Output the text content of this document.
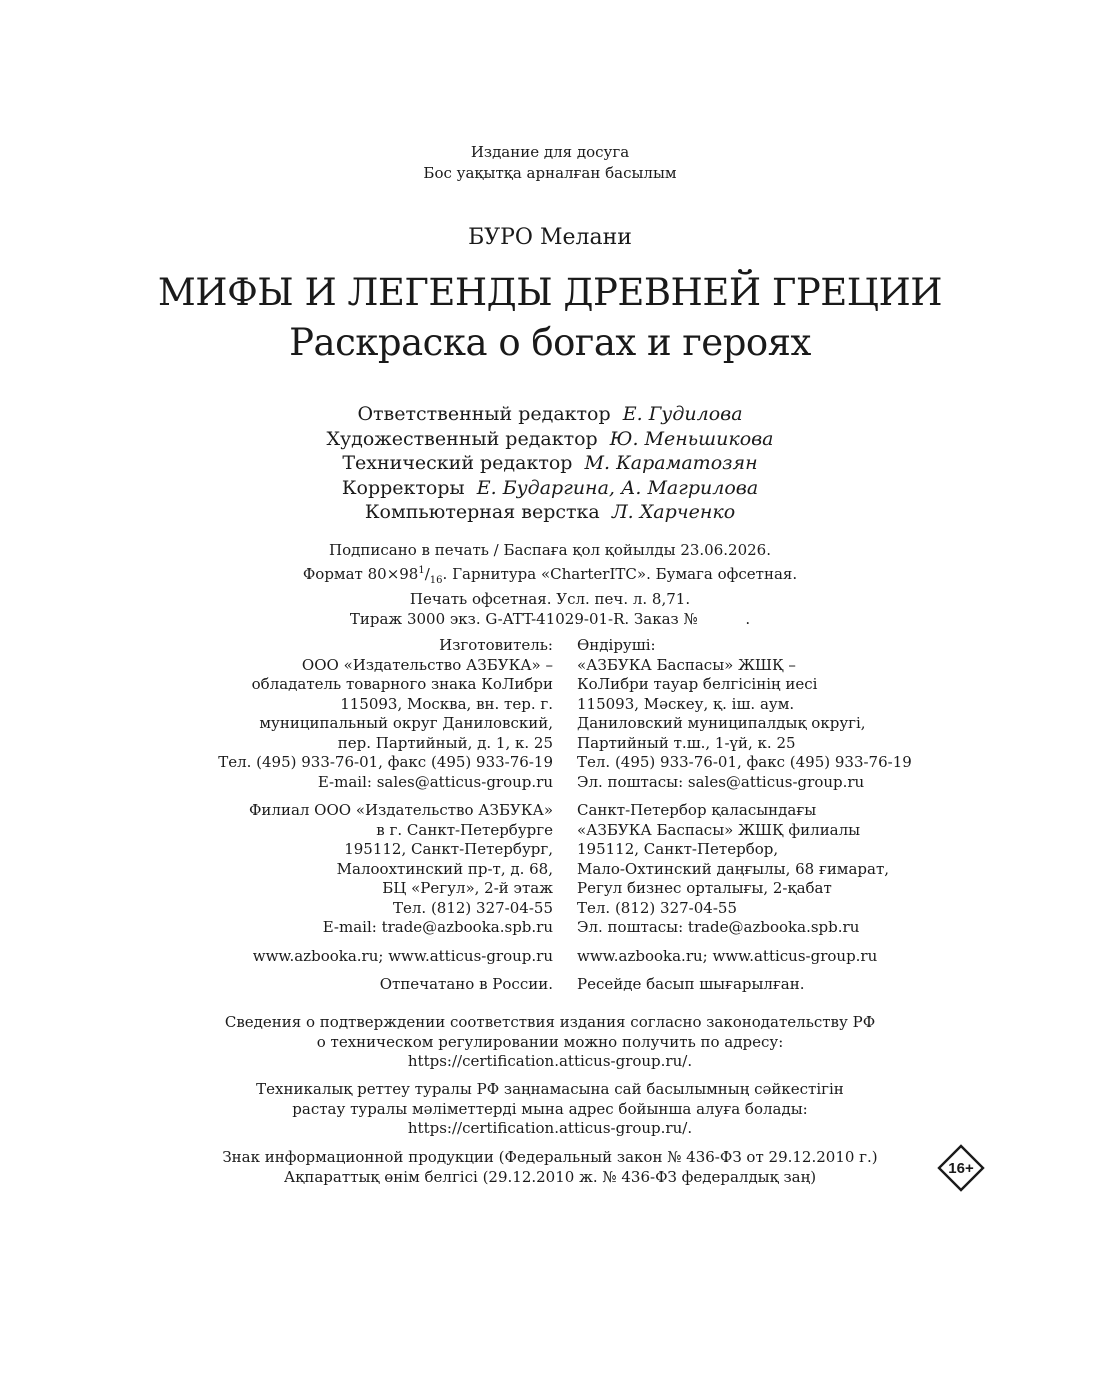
Издание для досуга
Бос уақытқа арналған басылым
БУРО Мелани
МИФЫ И ЛЕГЕНДЫ ДРЕВНЕЙ ГРЕЦИИ
Раскраска о богах и героях
Ответственный редактор Е. Гудилова
Художественный редактор Ю. Меньшикова
Технический редактор М. Караматозян
Корректоры Е. Бударгина, А. Магрилова
Компьютерная верстка Л. Харченко
Подписано в печать / Баспаға қол қойылды 23.06.2026.
Формат $80\times 98^1/_{16}$. Гарнитура «CharterITC». Бумага офсетная.
Печать офсетная. Усл. печ. л. 8,71.
Тираж 3000 экз. G-ATT-41029-01-R. Заказ №          .
Изготовитель:
ООО «Издательство АЗБУКА» –
обладатель товарного знака КоЛибри
115093, Москва, вн. тер. г.
муниципальный округ Даниловский,
пер. Партийный, д. 1, к. 25
Тел. (495) 933-76-01, факс (495) 933-76-19
E-mail: sales@atticus-group.ru
Филиал ООО «Издательство АЗБУКА»
в г. Санкт-Петербурге
195112, Санкт-Петербург,
Малоохтинский пр-т, д. 68,
БЦ «Регул», 2-й этаж
Тел. (812) 327-04-55
E-mail: trade@azbooka.spb.ru
www.azbooka.ru; www.atticus-group.ru
Отпечатано в России.
Өндіруші:
«АЗБУКА Баспасы» ЖШҚ –
КоЛибри тауар белгісінің иесі
115093, Мәскеу, қ. іш. аум.
Даниловский муниципалдық округі,
Партийный т.ш., 1-үй, к. 25
Тел. (495) 933-76-01, факс (495) 933-76-19
Эл. поштасы: sales@atticus-group.ru
Санкт-Петербор қаласындағы
«АЗБУКА Баспасы» ЖШҚ филиалы
195112, Санкт-Петербор,
Мало-Охтинский даңғылы, 68 ғимарат,
Регул бизнес орталығы, 2-қабат
Тел. (812) 327-04-55
Эл. поштасы: trade@azbooka.spb.ru
www.azbooka.ru; www.atticus-group.ru
Ресейде басып шығарылған.
Сведения о подтверждении соответствия издания согласно законодательству РФ
о техническом регулировании можно получить по адресу:
https://certification.atticus-group.ru/.
Техникалық реттеу туралы РФ заңнамасына сай басылымның сәйкестігін
растау туралы мәліметтерді мына адрес бойынша алуға болады:
https://certification.atticus-group.ru/.
Знак информационной продукции (Федеральный закон № 436-ФЗ от 29.12.2010 г.)
Ақпараттық өнім белгісі (29.12.2010 ж. № 436-ФЗ федералдық заң)	16+
